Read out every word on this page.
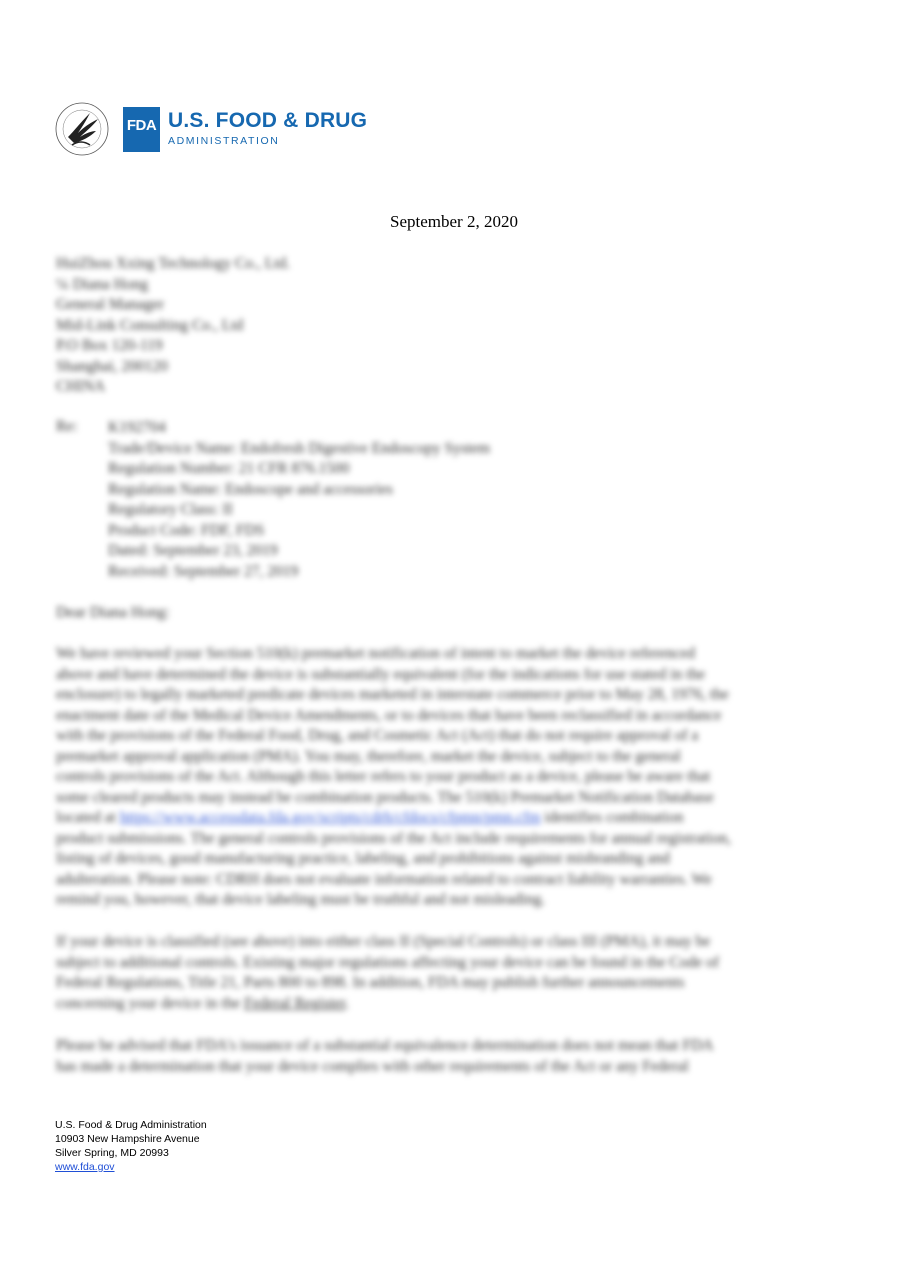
FDA U.S. FOOD & DRUG
ADMINISTRATION
September 2, 2020
HuiZhou Xxing Technology Co., Ltd.
℅ Diana Hong
General Manager
Mid-Link Consulting Co., Ltd
P.O Box 120-119
Shanghai, 200120
CHINA
Re: K192704
Trade/Device Name: Endofresh Digestive Endoscopy System
Regulation Number: 21 CFR 876.1500
Regulation Name: Endoscope and accessories
Regulatory Class: II
Product Code: FDF, FDS
Dated: September 23, 2019
Received: September 27, 2019
Dear Diana Hong:
We have reviewed your Section 510(k) premarket notification of intent to market the device referenced
above and have determined the device is substantially equivalent (for the indications for use stated in the
enclosure) to legally marketed predicate devices marketed in interstate commerce prior to May 28, 1976, the
enactment date of the Medical Device Amendments, or to devices that have been reclassified in accordance
with the provisions of the Federal Food, Drug, and Cosmetic Act (Act) that do not require approval of a
premarket approval application (PMA). You may, therefore, market the device, subject to the general
controls provisions of the Act. Although this letter refers to your product as a device, please be aware that
some cleared products may instead be combination products. The 510(k) Premarket Notification Database
located at https://www.accessdata.fda.gov/scripts/cdrh/cfdocs/cfpmn/pmn.cfm identifies combination
product submissions. The general controls provisions of the Act include requirements for annual registration,
listing of devices, good manufacturing practice, labeling, and prohibitions against misbranding and
adulteration. Please note: CDRH does not evaluate information related to contract liability warranties. We
remind you, however, that device labeling must be truthful and not misleading.
If your device is classified (see above) into either class II (Special Controls) or class III (PMA), it may be
subject to additional controls. Existing major regulations affecting your device can be found in the Code of
Federal Regulations, Title 21, Parts 800 to 898. In addition, FDA may publish further announcements
concerning your device in the Federal Register.
Please be advised that FDA's issuance of a substantial equivalence determination does not mean that FDA
has made a determination that your device complies with other requirements of the Act or any Federal
U.S. Food & Drug Administration
10903 New Hampshire Avenue
Silver Spring, MD 20993
www.fda.gov
